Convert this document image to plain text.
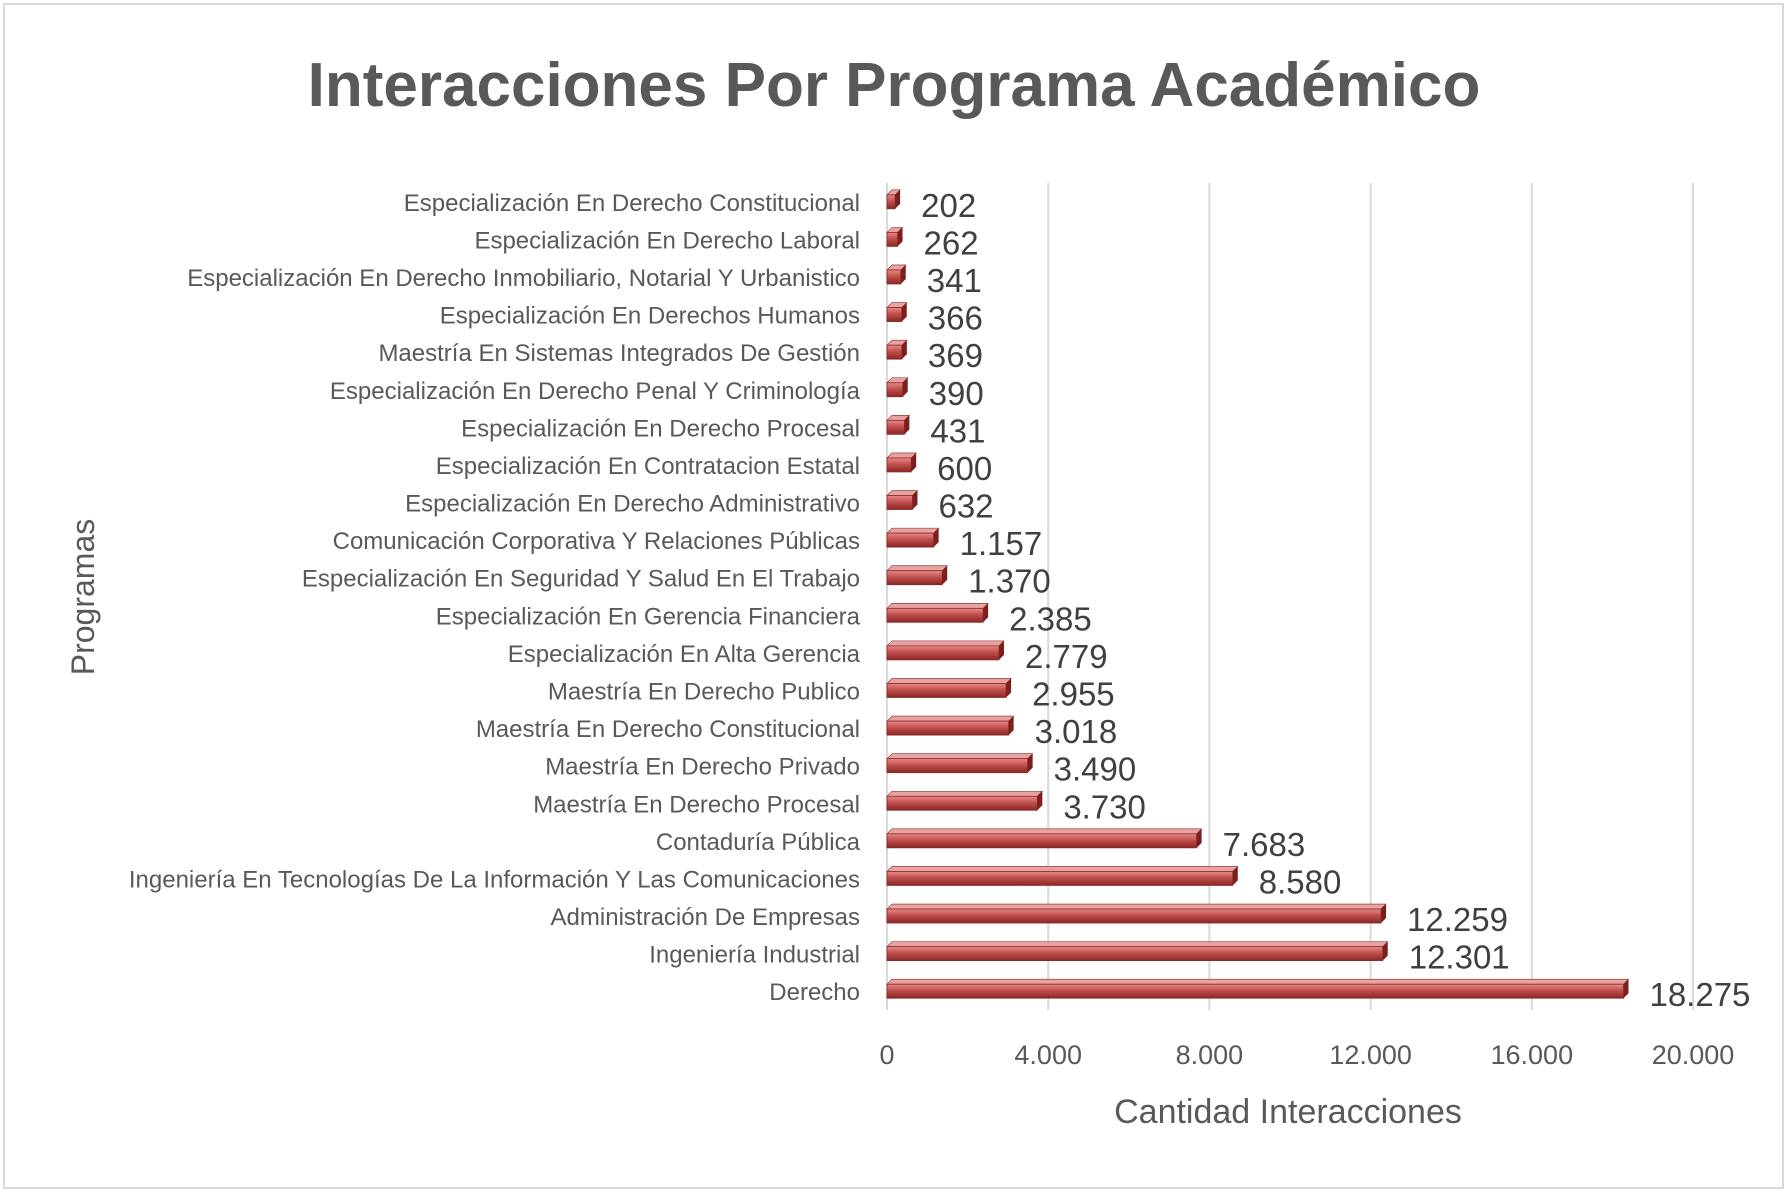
Interacciones Por Programa Académico
Programas
Cantidad Interacciones
Especialización En Derecho Constitucional
Especialización En Derecho Laboral
Especialización En Derecho Inmobiliario, Notarial Y Urbanistico
Especialización En Derechos Humanos
Maestría En Sistemas Integrados De Gestión
Especialización En Derecho Penal Y Criminología
Especialización En Derecho Procesal
Especialización En Contratacion Estatal
Especialización En Derecho Administrativo
Comunicación Corporativa Y Relaciones Públicas
Especialización En Seguridad Y Salud En El Trabajo
Especialización En Gerencia Financiera
Especialización En Alta Gerencia
Maestría En Derecho Publico
Maestría En Derecho Constitucional
Maestría En Derecho Privado
Maestría En Derecho Procesal
Contaduría Pública
Ingeniería En Tecnologías De La Información Y Las Comunicaciones
Administración De Empresas
Ingeniería Industrial
Derecho
202
262
341
366
369
390
431
600
632
1.157
1.370
2.385
2.779
2.955
3.018
3.490
3.730
7.683
8.580
12.259
12.301
18.275
0	4.000	8.000	12.000	16.000	20.000
